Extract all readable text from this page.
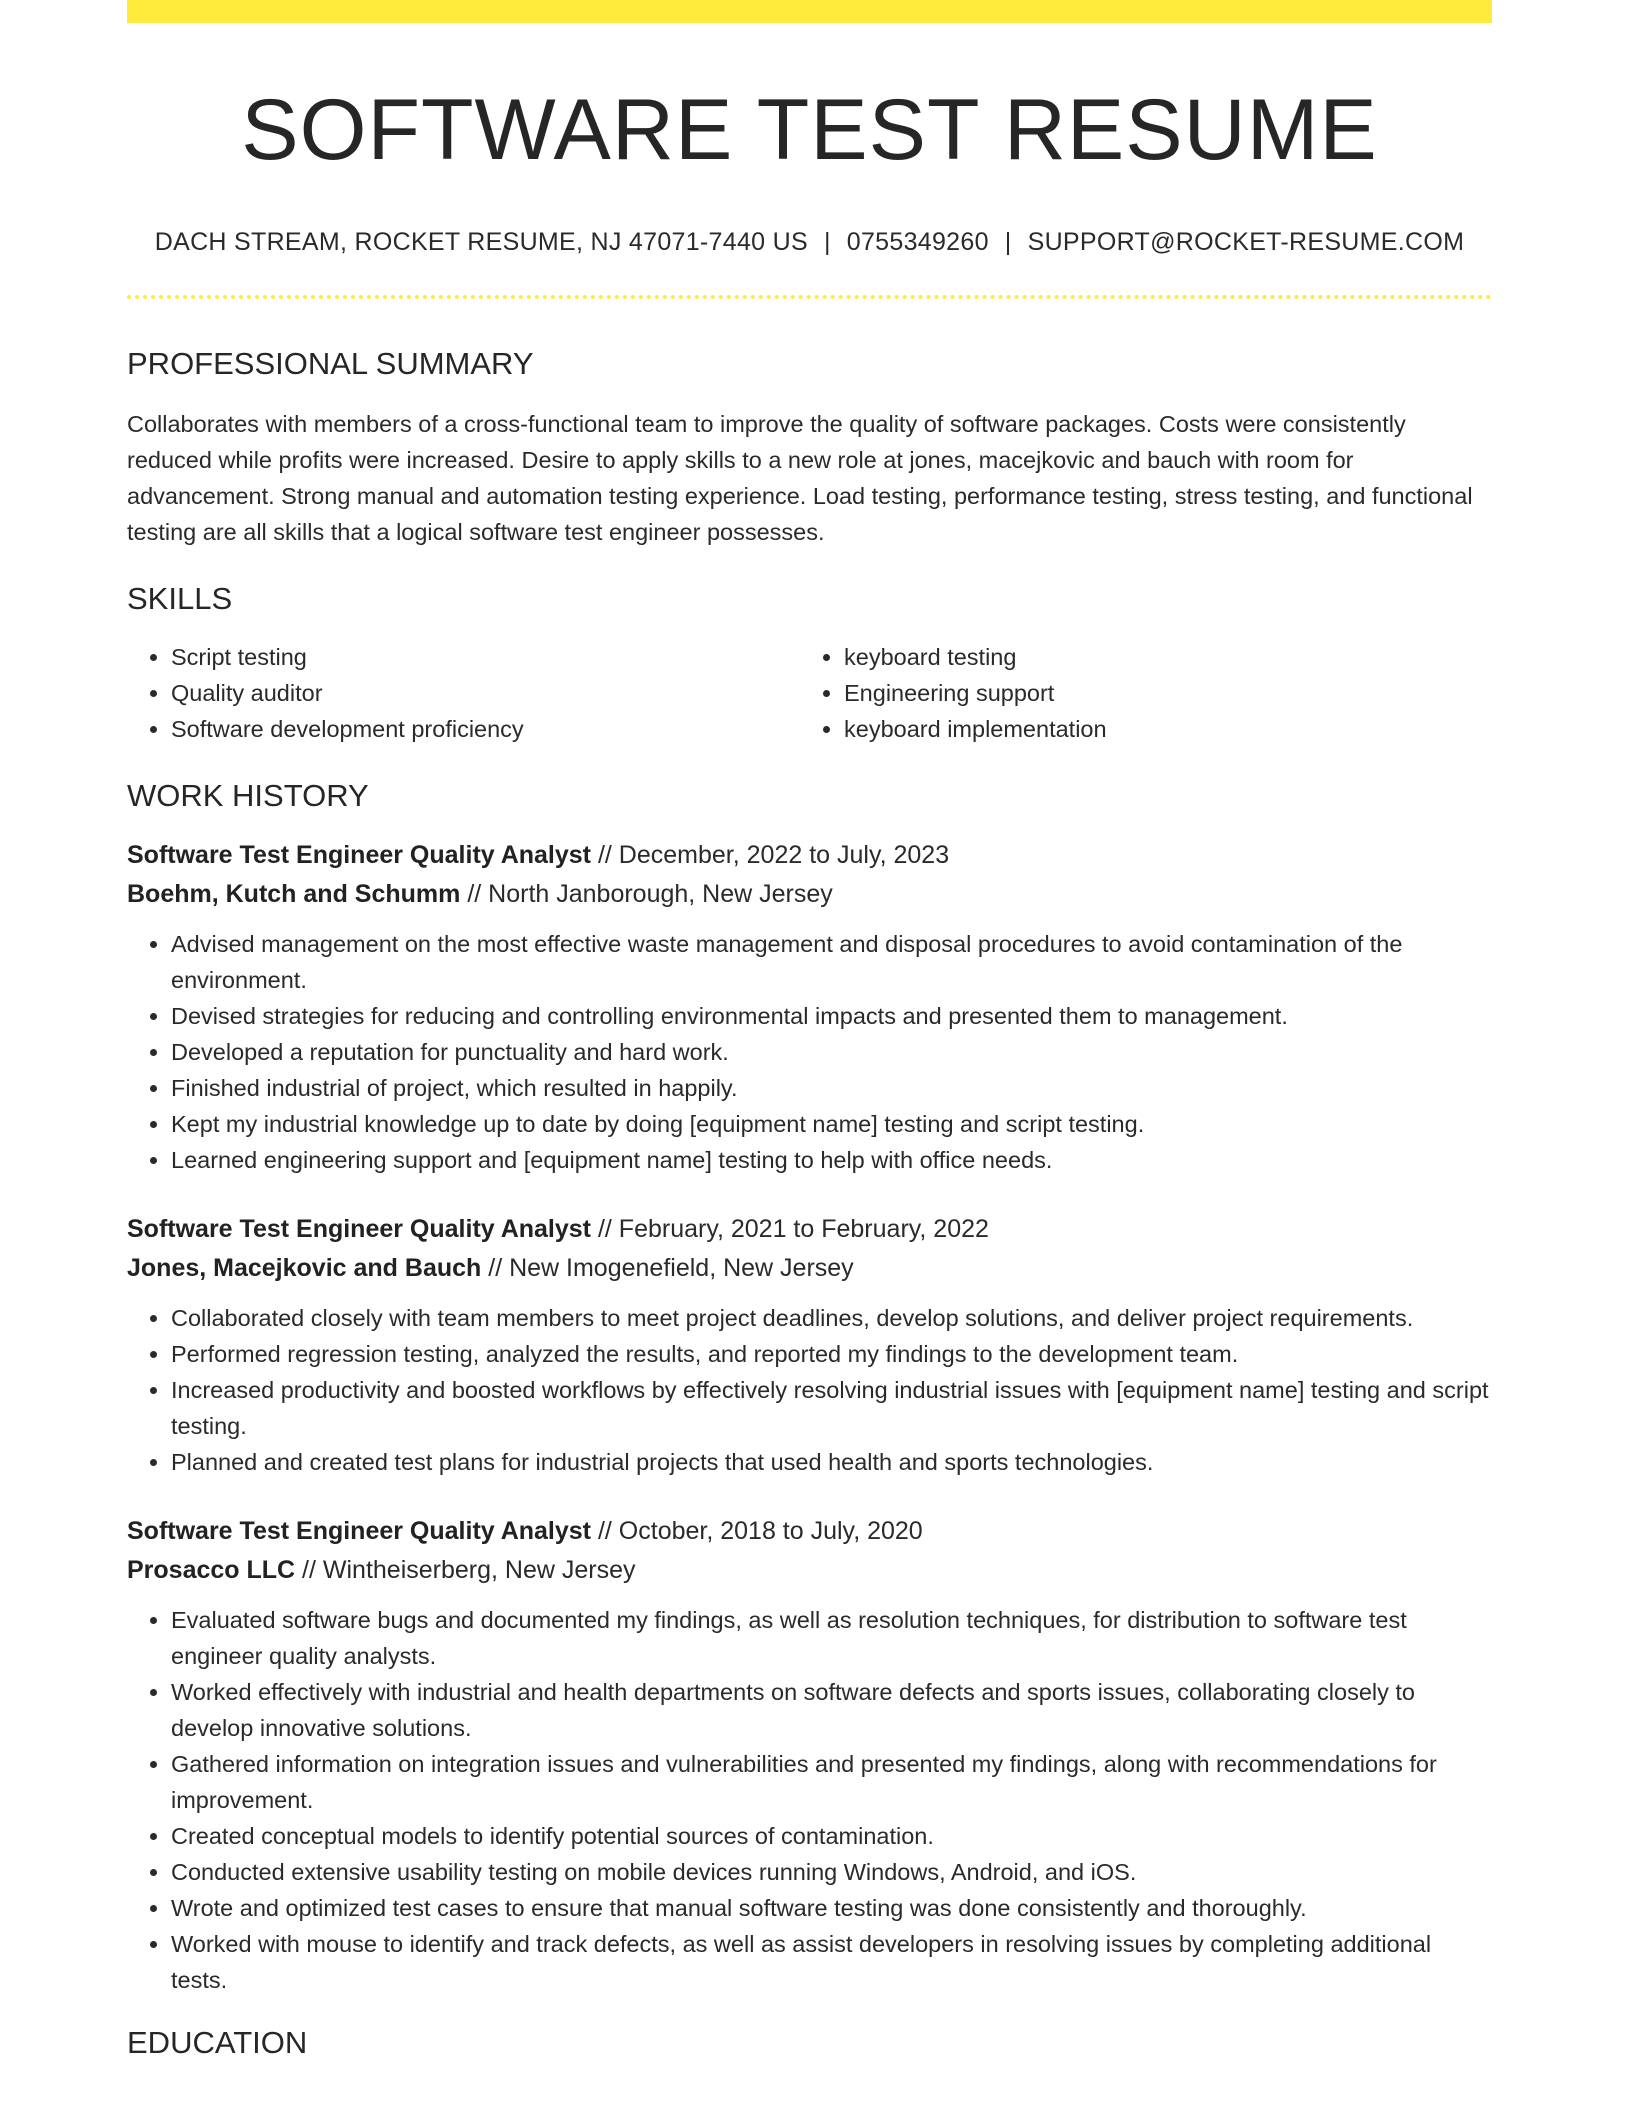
SOFTWARE TEST RESUME
DACH STREAM, ROCKET RESUME, NJ 47071-7440 US | 0755349260 | SUPPORT@ROCKET-RESUME.COM
PROFESSIONAL SUMMARY
Collaborates with members of a cross-functional team to improve the quality of software packages. Costs were consistently reduced while profits were increased. Desire to apply skills to a new role at jones, macejkovic and bauch with room for advancement. Strong manual and automation testing experience. Load testing, performance testing, stress testing, and functional testing are all skills that a logical software test engineer possesses.
SKILLS
• Script testing
• Quality auditor
• Software development proficiency
• keyboard testing
• Engineering support
• keyboard implementation
WORK HISTORY
Software Test Engineer Quality Analyst // December, 2022 to July, 2023
Boehm, Kutch and Schumm // North Janborough, New Jersey
• Advised management on the most effective waste management and disposal procedures to avoid contamination of the environment.
• Devised strategies for reducing and controlling environmental impacts and presented them to management.
• Developed a reputation for punctuality and hard work.
• Finished industrial of project, which resulted in happily.
• Kept my industrial knowledge up to date by doing [equipment name] testing and script testing.
• Learned engineering support and [equipment name] testing to help with office needs.
Software Test Engineer Quality Analyst // February, 2021 to February, 2022
Jones, Macejkovic and Bauch // New Imogenefield, New Jersey
• Collaborated closely with team members to meet project deadlines, develop solutions, and deliver project requirements.
• Performed regression testing, analyzed the results, and reported my findings to the development team.
• Increased productivity and boosted workflows by effectively resolving industrial issues with [equipment name] testing and script testing.
• Planned and created test plans for industrial projects that used health and sports technologies.
Software Test Engineer Quality Analyst // October, 2018 to July, 2020
Prosacco LLC // Wintheiserberg, New Jersey
• Evaluated software bugs and documented my findings, as well as resolution techniques, for distribution to software test engineer quality analysts.
• Worked effectively with industrial and health departments on software defects and sports issues, collaborating closely to develop innovative solutions.
• Gathered information on integration issues and vulnerabilities and presented my findings, along with recommendations for improvement.
• Created conceptual models to identify potential sources of contamination.
• Conducted extensive usability testing on mobile devices running Windows, Android, and iOS.
• Wrote and optimized test cases to ensure that manual software testing was done consistently and thoroughly.
• Worked with mouse to identify and track defects, as well as assist developers in resolving issues by completing additional tests.
EDUCATION
